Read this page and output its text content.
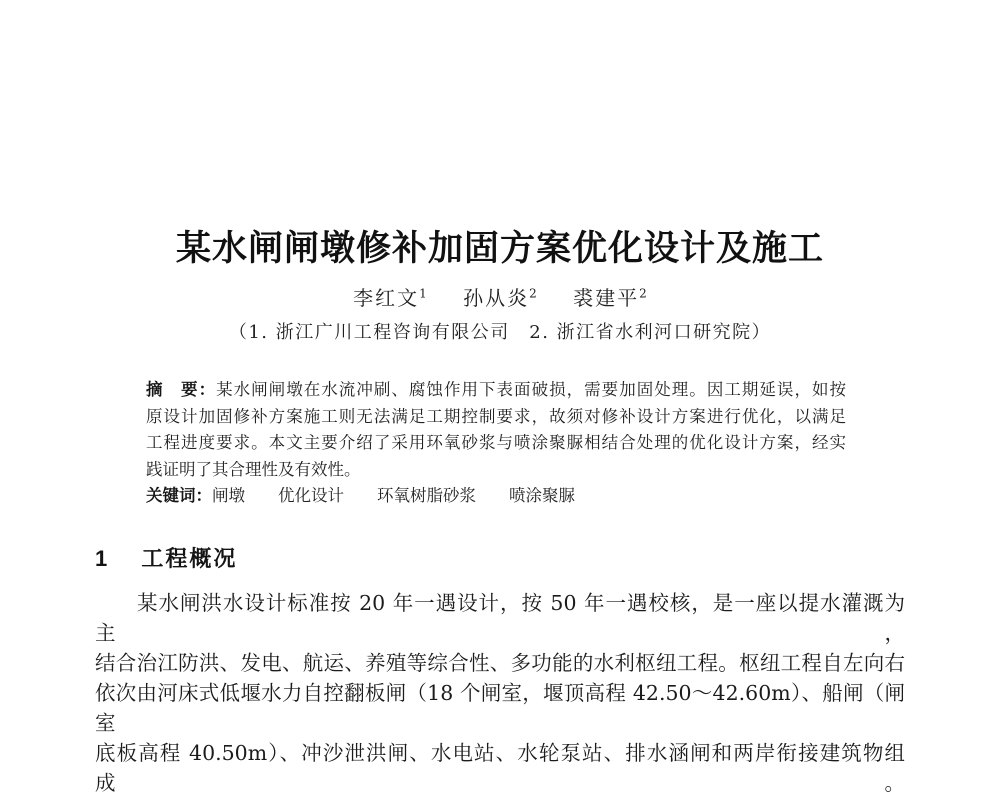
某水闸闸墩修补加固方案优化设计及施工
李红文$^1$ 孙从炎$^2$ 裘建平$^2$
（1. 浙江广川工程咨询有限公司　2. 浙江省水利河口研究院）
摘　要：某水闸闸墩在水流冲刷、腐蚀作用下表面破损，需要加固处理。因工期延误，如按
原设计加固修补方案施工则无法满足工期控制要求，故须对修补设计方案进行优化，以满足
工程进度要求。本文主要介绍了采用环氧砂浆与喷涂聚脲相结合处理的优化设计方案，经实
践证明了其合理性及有效性。
关键词：闸墩　　优化设计　　环氧树脂砂浆　　喷涂聚脲
1 工程概况
某水闸洪水设计标准按 20 年一遇设计，按 50 年一遇校核，是一座以提水灌溉为主，
结合治江防洪、发电、航运、养殖等综合性、多功能的水利枢纽工程。枢纽工程自左向右
依次由河床式低堰水力自控翻板闸（18 个闸室，堰顶高程 42.50～42.60m）、船闸（闸室
底板高程 40.50m）、冲沙泄洪闸、水电站、水轮泵站、排水涵闸和两岸衔接建筑物组成。
